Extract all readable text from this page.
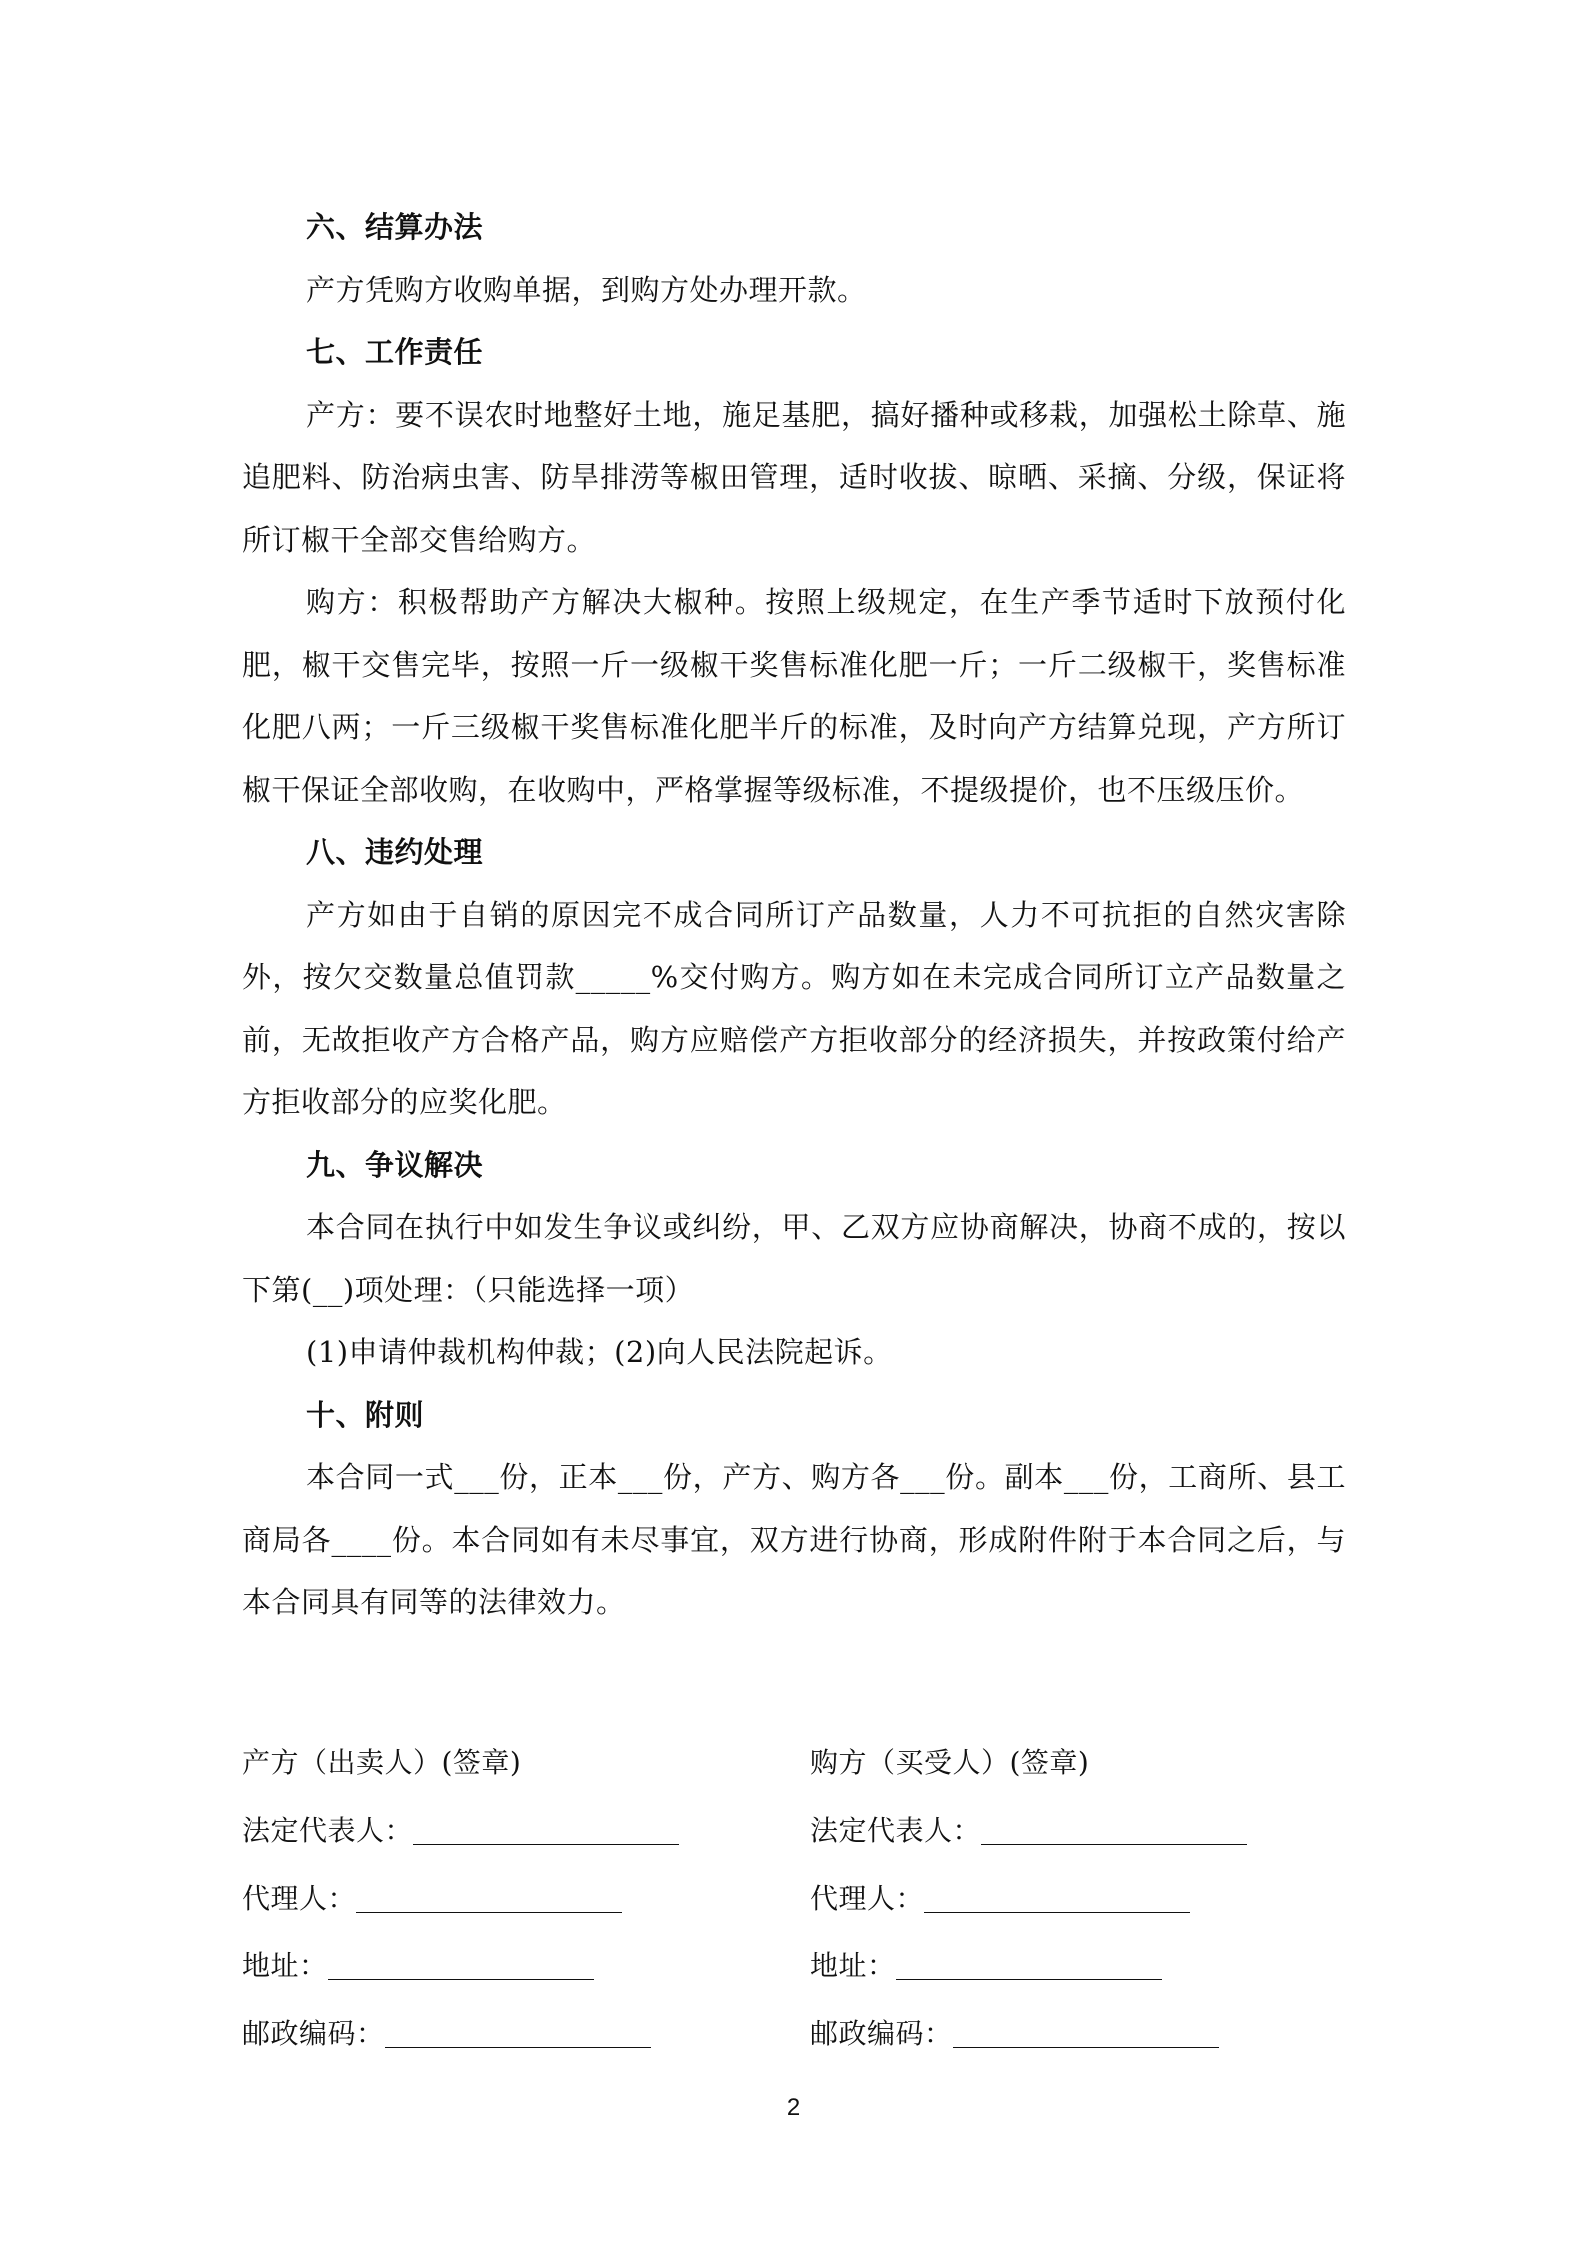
六、结算办法

产方凭购方收购单据，到购方处办理开款。

七、工作责任

产方：要不误农时地整好土地，施足基肥，搞好播种或移栽，加强松土除草、施追肥料、防治病虫害、防旱排涝等椒田管理，适时收拔、晾晒、采摘、分级，保证将所订椒干全部交售给购方。

购方：积极帮助产方解决大椒种。按照上级规定，在生产季节适时下放预付化肥，椒干交售完毕，按照一斤一级椒干奖售标准化肥一斤；一斤二级椒干，奖售标准化肥八两；一斤三级椒干奖售标准化肥半斤的标准，及时向产方结算兑现，产方所订椒干保证全部收购，在收购中，严格掌握等级标准，不提级提价，也不压级压价。

八、违约处理

产方如由于自销的原因完不成合同所订产品数量，人力不可抗拒的自然灾害除外，按欠交数量总值罚款_____%交付购方。购方如在未完成合同所订立产品数量之前，无故拒收产方合格产品，购方应赔偿产方拒收部分的经济损失，并按政策付给产方拒收部分的应奖化肥。

九、争议解决

本合同在执行中如发生争议或纠纷，甲、乙双方应协商解决，协商不成的，按以下第(__)项处理：（只能选择一项）

(1)申请仲裁机构仲裁；(2)向人民法院起诉。

十、附则

本合同一式___份，正本___份，产方、购方各___份。副本___份，工商所、县工商局各____份。本合同如有未尽事宜，双方进行协商，形成附件附于本合同之后，与本合同具有同等的法律效力。

产方（出卖人）(签章)
法定代表人：
代理人：
地址：
邮政编码：
购方（买受人）(签章)
法定代表人：
代理人：
地址：
邮政编码：
2
